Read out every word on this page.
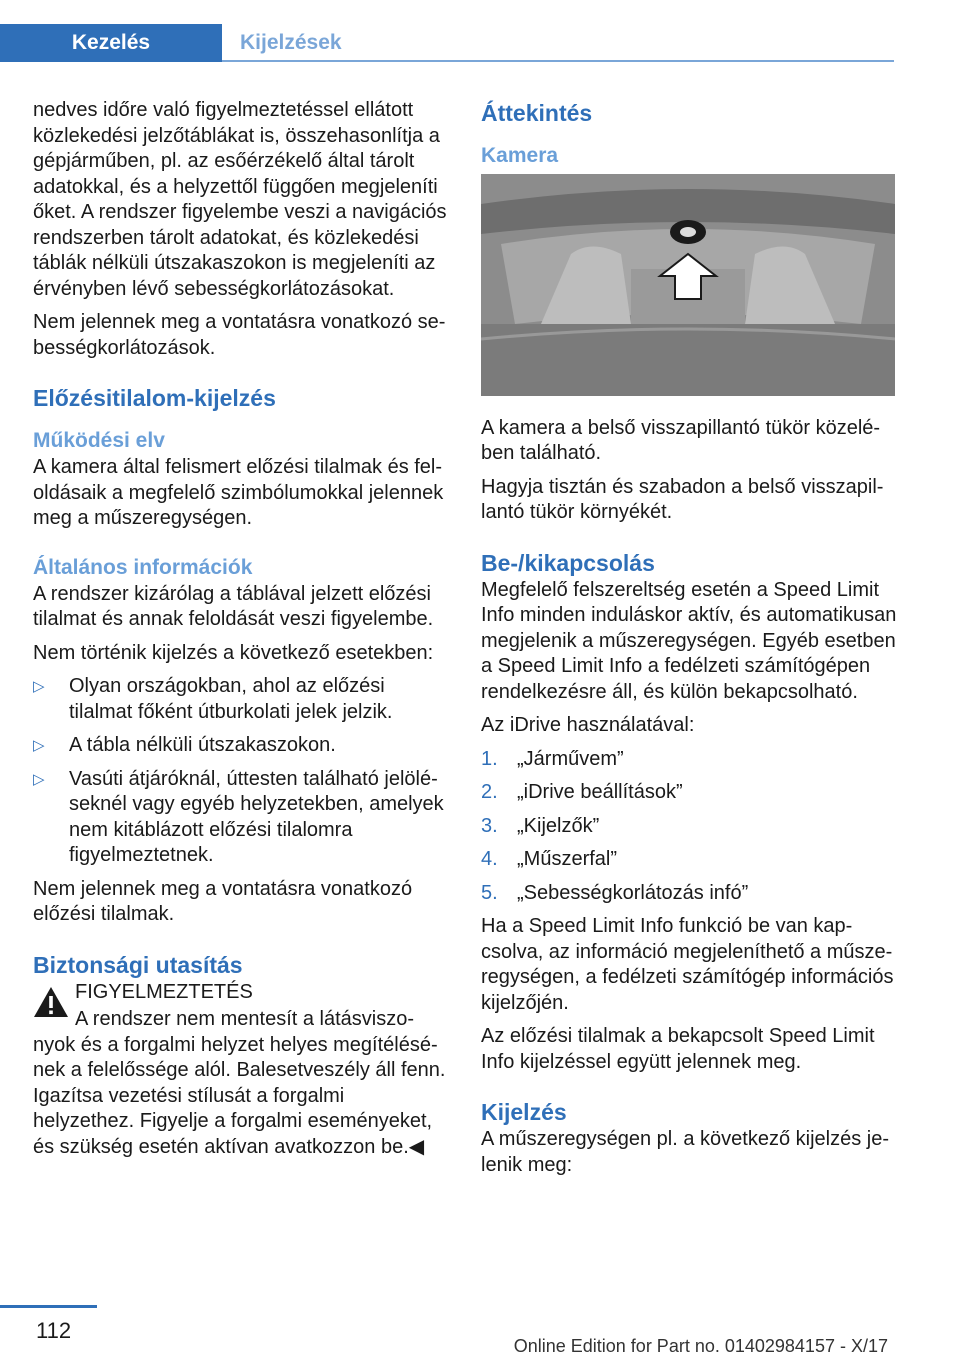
Kezelés	Kijelzések

nedves időre való figyelmeztetéssel ellátott közlekedési jelzőtáblákat is, összehasonlítja a gépjárműben, pl. az esőérzékelő által tárolt adatokkal, és a helyzettől függően megjeleníti őket. A rendszer figyelembe veszi a navigációs rendszerben tárolt adatokat, és közlekedési táblák nélküli útszakaszokon is megjeleníti az érvényben lévő sebességkorlátozásokat.

Nem jelennek meg a vontatásra vonatkozó sebességkorlátozások.

Előzésitilalom-kijelzés
Működési elv

A kamera által felismert előzési tilalmak és feloldásaik a megfelelő szimbólumokkal jelennek meg a műszeregységen.

Általános információk

A rendszer kizárólag a táblával jelzett előzési tilalmat és annak feloldását veszi figyelembe.

Nem történik kijelzés a következő esetekben:

▷ Olyan országokban, ahol az előzési tilalmat főként útburkolati jelek jelzik.
▷ A tábla nélküli útszakaszokon.
▷ Vasúti átjáróknál, úttesten található jelöléseknél vagy egyéb helyzetekben, amelyek nem kitáblázott előzési tilalomra figyelmeztetnek.

Nem jelennek meg a vontatásra vonatkozó előzési tilalmak.

Biztonsági utasítás

FIGYELMEZTETÉS

A rendszer nem mentesít a látásviszonyok és a forgalmi helyzet helyes megítélésének a felelőssége alól. Balesetveszély áll fenn. Igazítsa vezetési stílusát a forgalmi helyzethez. Figyelje a forgalmi eseményeket, és szükség esetén aktívan avatkozzon be.◀

Áttekintés
Kamera

A kamera a belső visszapillantó tükör közelében található.

Hagyja tisztán és szabadon a belső visszapillantó tükör környékét.

Be-/kikapcsolás

Megfelelő felszereltség esetén a Speed Limit Info minden induláskor aktív, és automatikusan megjelenik a műszeregységen. Egyéb esetben a Speed Limit Info a fedélzeti számítógépen rendelkezésre áll, és külön bekapcsolható.

Az iDrive használatával:

1. „Járművem”
2. „iDrive beállítások”
3. „Kijelzők”
4. „Műszerfal”
5. „Sebességkorlátozás infó”

Ha a Speed Limit Info funkció be van kapcsolva, az információ megjeleníthető a műszeregységen, a fedélzeti számítógép információs kijelzőjén.

Az előzési tilalmak a bekapcsolt Speed Limit Info kijelzéssel együtt jelennek meg.

Kijelzés

A műszeregységen pl. a következő kijelzés jelenik meg:

112
Online Edition for Part no. 01402984157 - X/17
